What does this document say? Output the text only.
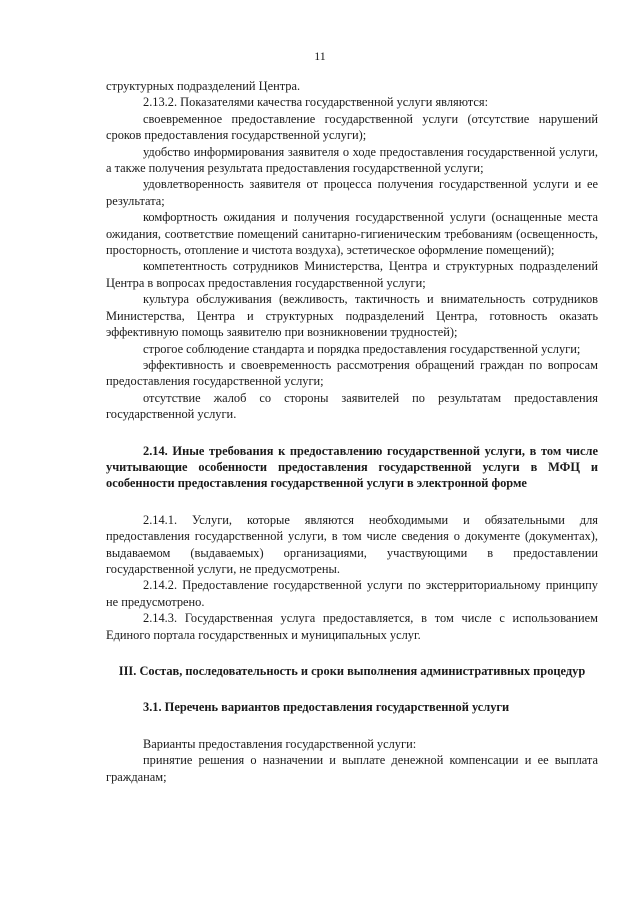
11

структурных подразделений Центра.

2.13.2. Показателями качества государственной услуги являются:

своевременное предоставление государственной услуги (отсутствие нарушений сроков предоставления государственной услуги);

удобство информирования заявителя о ходе предоставления государственной услуги, а также получения результата предоставления государственной услуги;

удовлетворенность заявителя от процесса получения государственной услуги и ее результата;

комфортность ожидания и получения государственной услуги (оснащенные места ожидания, соответствие помещений санитарно-гигиеническим требованиям (освещенность, просторность, отопление и чистота воздуха), эстетическое оформление помещений);

компетентность сотрудников Министерства, Центра и структурных подразделений Центра в вопросах предоставления государственной услуги;

культура обслуживания (вежливость, тактичность и внимательность сотрудников Министерства, Центра и структурных подразделений Центра, готовность оказать эффективную помощь заявителю при возникновении трудностей);

строгое соблюдение стандарта и порядка предоставления государственной услуги;

эффективность и своевременность рассмотрения обращений граждан по вопросам предоставления государственной услуги;

отсутствие жалоб со стороны заявителей по результатам предоставления государственной услуги.

2.14. Иные требования к предоставлению государственной услуги, в том числе учитывающие особенности предоставления государственной услуги в МФЦ и особенности предоставления государственной услуги в электронной форме

2.14.1. Услуги, которые являются необходимыми и обязательными для предоставления государственной услуги, в том числе сведения о документе (документах), выдаваемом (выдаваемых) организациями, участвующими в предоставлении государственной услуги, не предусмотрены.

2.14.2. Предоставление государственной услуги по экстерриториальному принципу не предусмотрено.

2.14.3. Государственная услуга предоставляется, в том числе с использованием Единого портала государственных и муниципальных услуг.

III. Состав, последовательность и сроки выполнения административных процедур

3.1. Перечень вариантов предоставления государственной услуги

Варианты предоставления государственной услуги:

принятие решения о назначении и выплате денежной компенсации и ее выплата гражданам;
